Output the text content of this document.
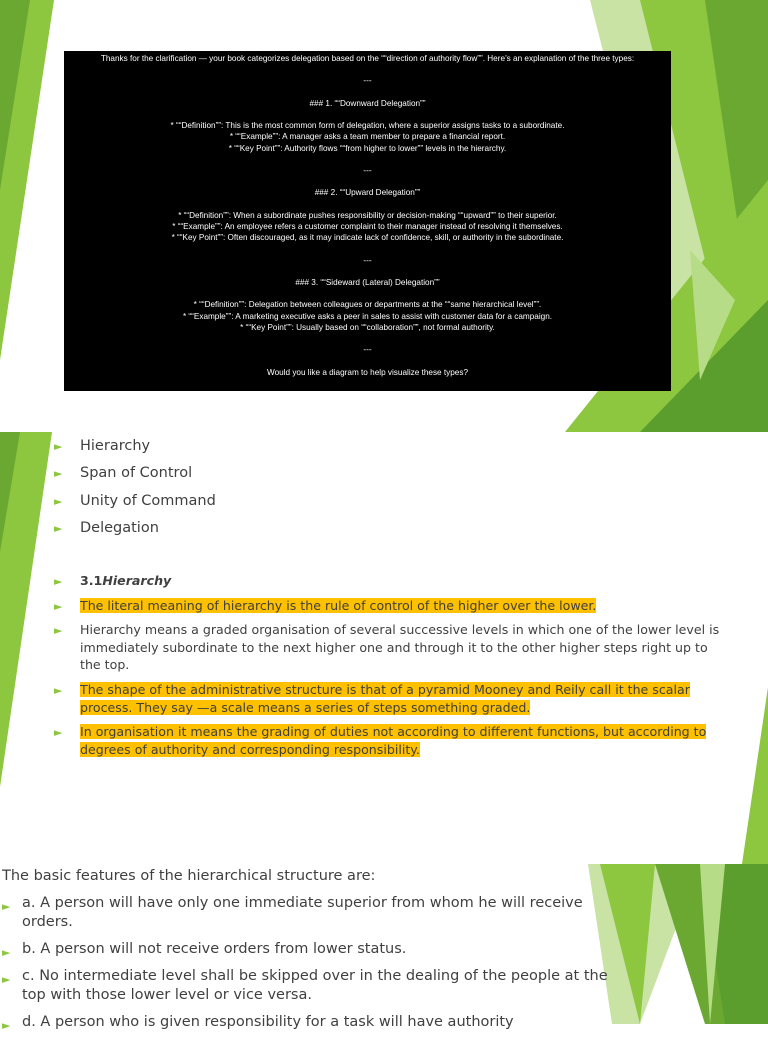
Thanks for the clarification — your book categorizes delegation based on the ““direction of authority flow””. Here’s an explanation of the three types:
---
### 1. ““Downward Delegation””
* ““Definition””: This is the most common form of delegation, where a superior assigns tasks to a subordinate.
* ““Example””: A manager asks a team member to prepare a financial report.
* ““Key Point””: Authority flows ““from higher to lower”” levels in the hierarchy.
---
### 2. ““Upward Delegation””
* ““Definition””: When a subordinate pushes responsibility or decision-making ““upward”” to their superior.
* ““Example””: An employee refers a customer complaint to their manager instead of resolving it themselves.
* ““Key Point””: Often discouraged, as it may indicate lack of confidence, skill, or authority in the subordinate.
---
### 3. ““Sideward (Lateral) Delegation””
* ““Definition””: Delegation between colleagues or departments at the ““same hierarchical level””.
* ““Example””: A marketing executive asks a peer in sales to assist with customer data for a campaign.
* ““Key Point””: Usually based on ““collaboration””, not formal authority.
---
Would you like a diagram to help visualize these types?
► Hierarchy
► Span of Control
► Unity of Command
► Delegation
► 3.1Hierarchy
► The literal meaning of hierarchy is the rule of control of the higher over the lower.
► Hierarchy means a graded organisation of several successive levels in which one of the lower level is immediately subordinate to the next higher one and through it to the other higher steps right up to the top.
► The shape of the administrative structure is that of a pyramid Mooney and Reily call it the scalar process. They say —a scale means a series of steps something graded.
► In organisation it means the grading of duties not according to different functions, but according to degrees of authority and corresponding responsibility.
The basic features of the hierarchical structure are:
► a. A person will have only one immediate superior from whom he will receive orders.
► b. A person will not receive orders from lower status.
► c. No intermediate level shall be skipped over in the dealing of the people at the top with those lower level or vice versa.
► d. A person who is given responsibility for a task will have authority
